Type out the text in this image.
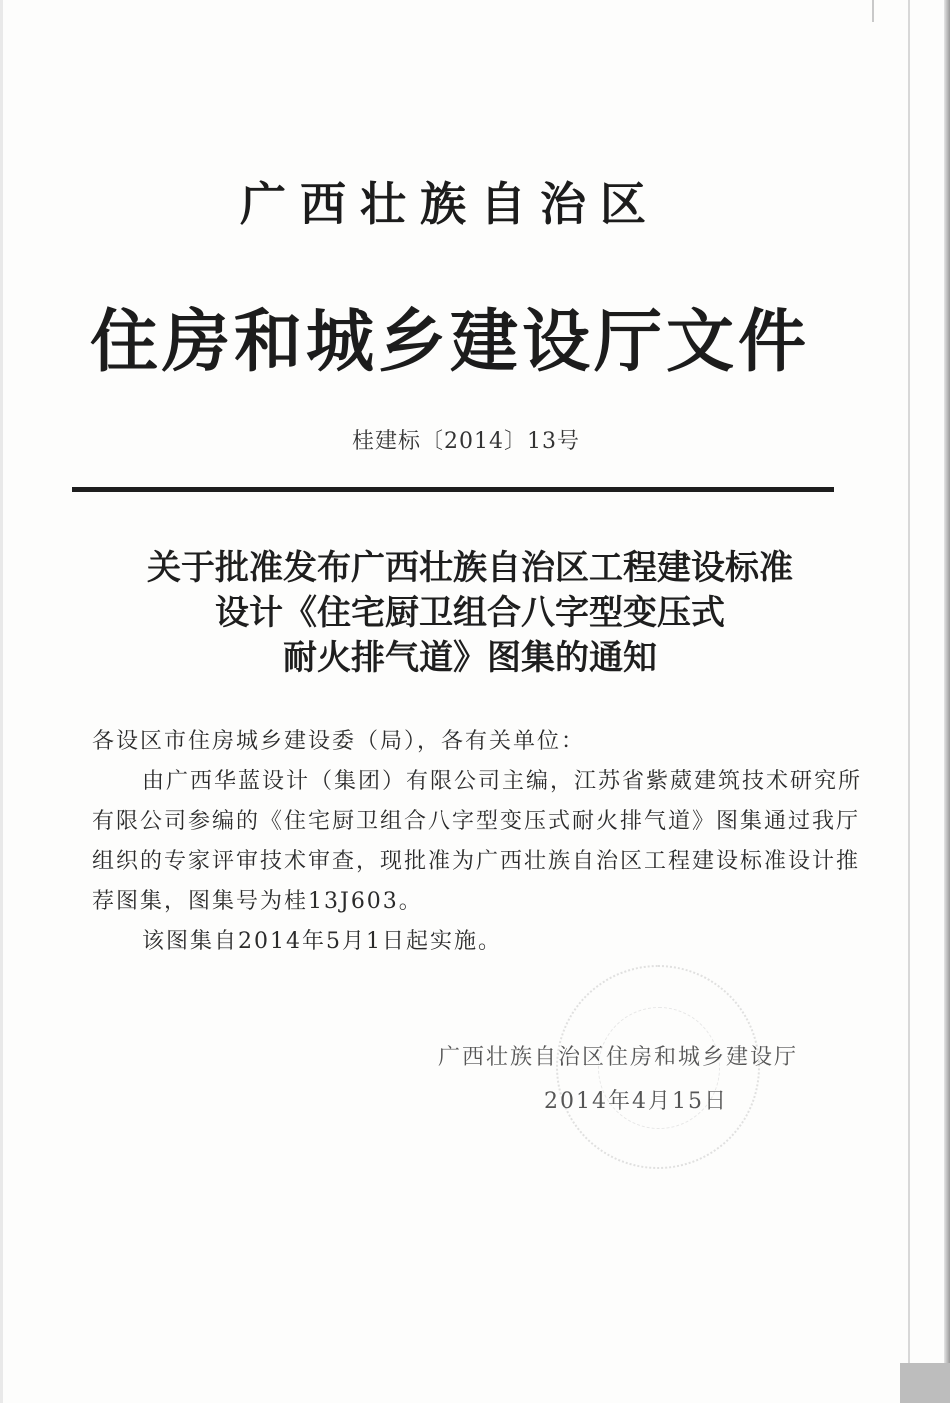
广西壮族自治区
住房和城乡建设厅文件
桂建标〔2014〕13号
关于批准发布广西壮族自治区工程建设标准
设计《住宅厨卫组合八字型变压式
耐火排气道》图集的通知

各设区市住房城乡建设委（局），各有关单位：

由广西华蓝设计（集团）有限公司主编，江苏省紫葳建筑技术研究所有限公司参编的《住宅厨卫组合八字型变压式耐火排气道》图集通过我厅组织的专家评审技术审查，现批准为广西壮族自治区工程建设标准设计推荐图集，图集号为桂13J603。

该图集自2014年5月1日起实施。

广西壮族自治区住房和城乡建设厅
2014年4月15日
